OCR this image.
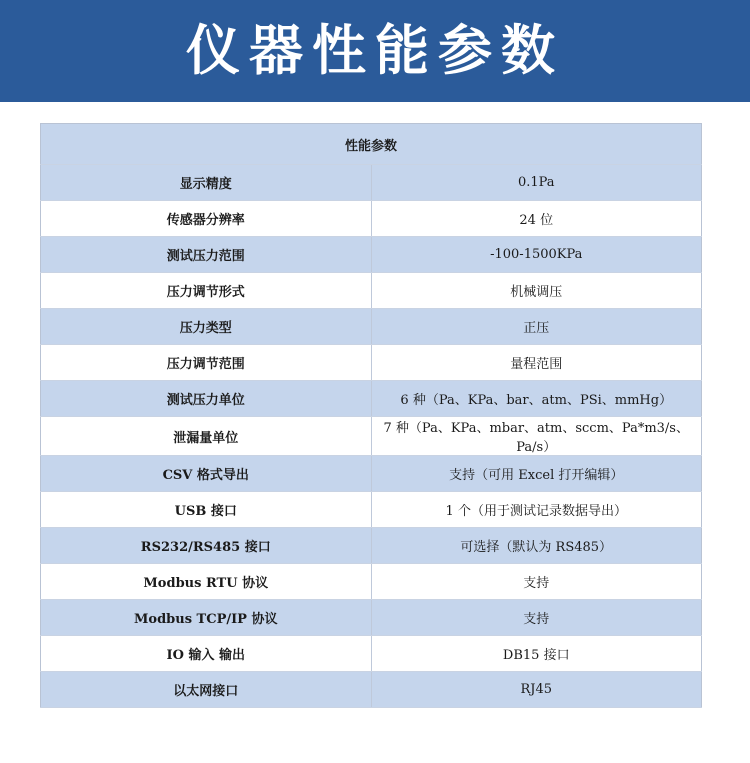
仪器性能参数
性能参数	
显示精度	0.1Pa
传感器分辨率	24 位
测试压力范围	-100-1500KPa
压力调节形式	机械调压
压力类型	正压
压力调节范围	量程范围
测试压力单位	6 种（Pa、KPa、bar、atm、PSi、mmHg）
泄漏量单位	7 种（Pa、KPa、mbar、atm、sccm、Pa*m3/s、Pa/s）
CSV 格式导出	支持（可用 Excel 打开编辑）
USB 接口	1 个（用于测试记录数据导出）
RS232/RS485 接口	可选择（默认为 RS485）
Modbus RTU 协议	支持
Modbus TCP/IP 协议	支持
IO 输入 输出	DB15 接口
以太网接口	RJ45
